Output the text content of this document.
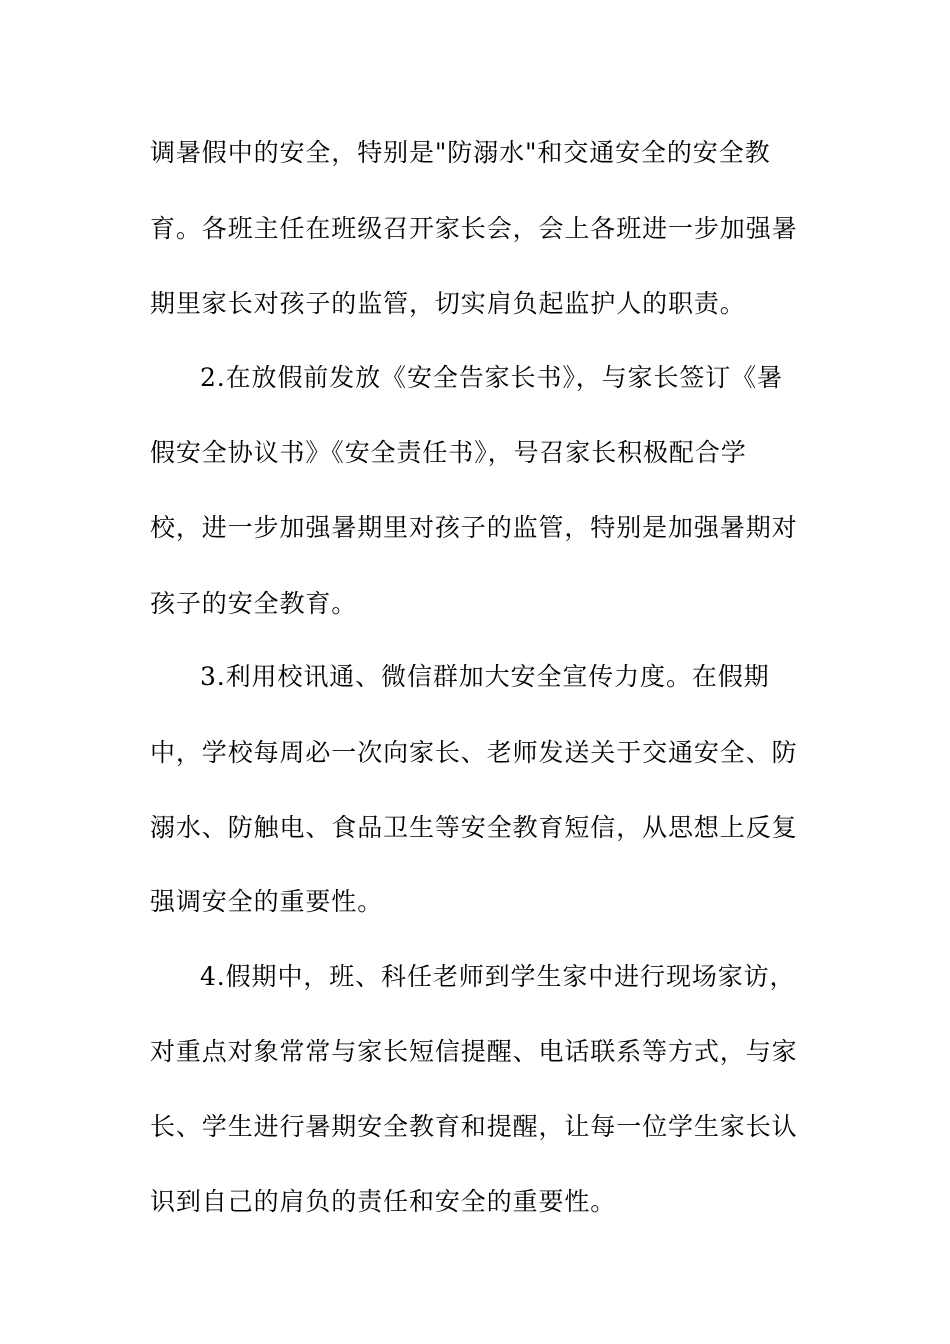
调暑假中的安全，特别是"防溺水"和交通安全的安全教
育。各班主任在班级召开家长会，会上各班进一步加强暑
期里家长对孩子的监管，切实肩负起监护人的职责。
2.在放假前发放《安全告家长书》，与家长签订《暑
假安全协议书》《安全责任书》，号召家长积极配合学
校，进一步加强暑期里对孩子的监管，特别是加强暑期对
孩子的安全教育。
3.利用校讯通、微信群加大安全宣传力度。在假期
中，学校每周必一次向家长、老师发送关于交通安全、防
溺水、防触电、食品卫生等安全教育短信，从思想上反复
强调安全的重要性。
4.假期中，班、科任老师到学生家中进行现场家访，
对重点对象常常与家长短信提醒、电话联系等方式，与家
长、学生进行暑期安全教育和提醒，让每一位学生家长认
识到自己的肩负的责任和安全的重要性。
